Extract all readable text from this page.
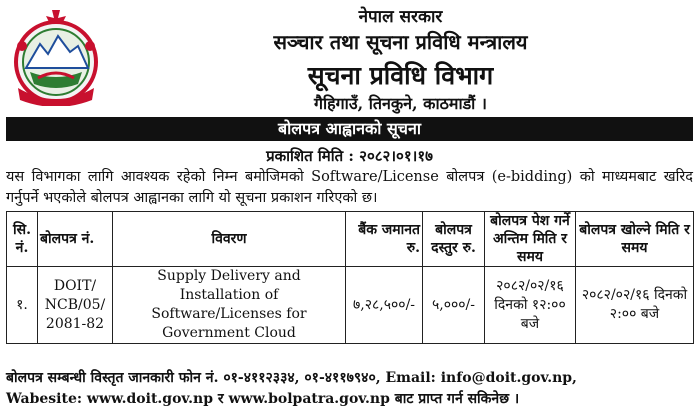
नेपाल सरकार
सञ्चार तथा सूचना प्रविधि मन्त्रालय
सूचना प्रविधि विभाग
गैहिगाउँ, तिनकुने, काठमाडौं ।
बोलपत्र आह्वानको सूचना
प्रकाशित मिति : २०८२।०१।१७
यस विभागका लागि आवश्यक रहेको निम्न बमोजिमको Software/License बोलपत्र (e-bidding) को माध्यमबाट खरिद गर्नुपर्ने भएकोले बोलपत्र आह्वानका लागि यो सूचना प्रकाशन गरिएको छ।
सि. नं.	बोलपत्र नं.	विवरण	बैंक जमानत रु.	बोलपत्र दस्तुर रु.	बोलपत्र पेश गर्ने अन्तिम मिति र समय	बोलपत्र खोल्ने मिति र समय
१.	DOIT/ NCB/05/ 2081-82	Supply Delivery and Installation of Software/Licenses for Government Cloud	७,२८,५००/-	५,०००/-	२०८२/०२/१६ दिनको १२:०० बजे	२०८२/०२/१६ दिनको २:०० बजे
बोलपत्र सम्बन्धी विस्तृत जानकारी फोन नं. ०१-४११२३३४, ०१-४११७९४०, Email: info@doit.gov.np,
Wabesite: www.doit.gov.np र www.bolpatra.gov.np बाट प्राप्त गर्न सकिनेछ ।
